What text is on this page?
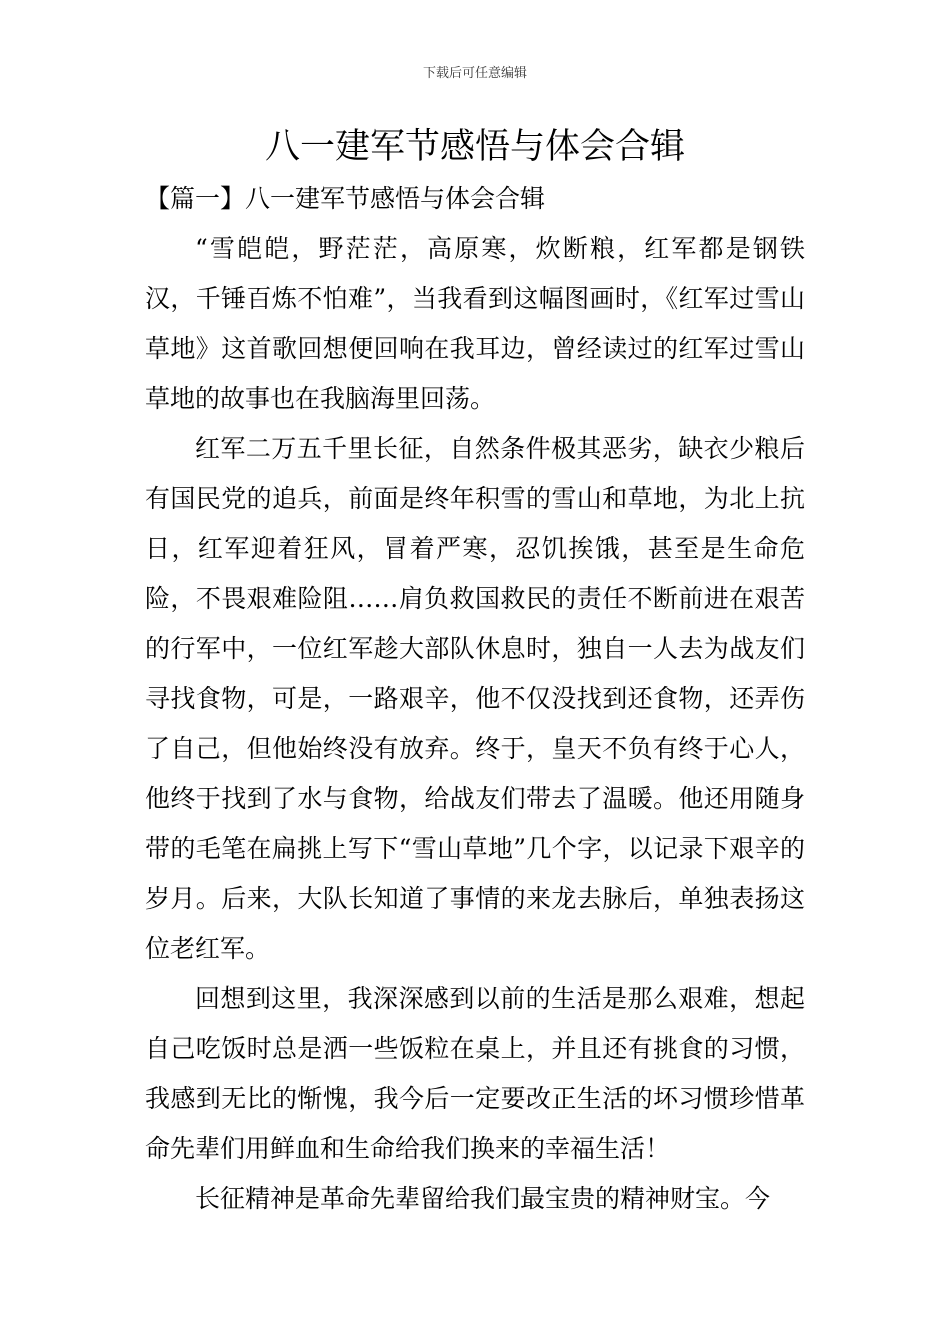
下载后可任意编辑
八一建军节感悟与体会合辑
【篇一】八一建军节感悟与体会合辑

“雪皑皑，野茫茫，高原寒，炊断粮，红军都是钢铁汉，千锤百炼不怕难”，当我看到这幅图画时，《红军过雪山草地》这首歌回想便回响在我耳边，曾经读过的红军过雪山草地的故事也在我脑海里回荡。

红军二万五千里长征，自然条件极其恶劣，缺衣少粮后有国民党的追兵，前面是终年积雪的雪山和草地，为北上抗日，红军迎着狂风，冒着严寒，忍饥挨饿，甚至是生命危险，不畏艰难险阻……肩负救国救民的责任不断前进在艰苦的行军中，一位红军趁大部队休息时，独自一人去为战友们寻找食物，可是，一路艰辛，他不仅没找到还食物，还弄伤了自己，但他始终没有放弃。终于，皇天不负有终于心人，他终于找到了水与食物，给战友们带去了温暖。他还用随身带的毛笔在扁挑上写下“雪山草地”几个字，以记录下艰辛的岁月。后来，大队长知道了事情的来龙去脉后，单独表扬这位老红军。

回想到这里，我深深感到以前的生活是那么艰难，想起自己吃饭时总是洒一些饭粒在桌上，并且还有挑食的习惯，我感到无比的惭愧，我今后一定要改正生活的坏习惯珍惜革命先辈们用鲜血和生命给我们换来的幸福生活！

长征精神是革命先辈留给我们最宝贵的精神财宝。今
